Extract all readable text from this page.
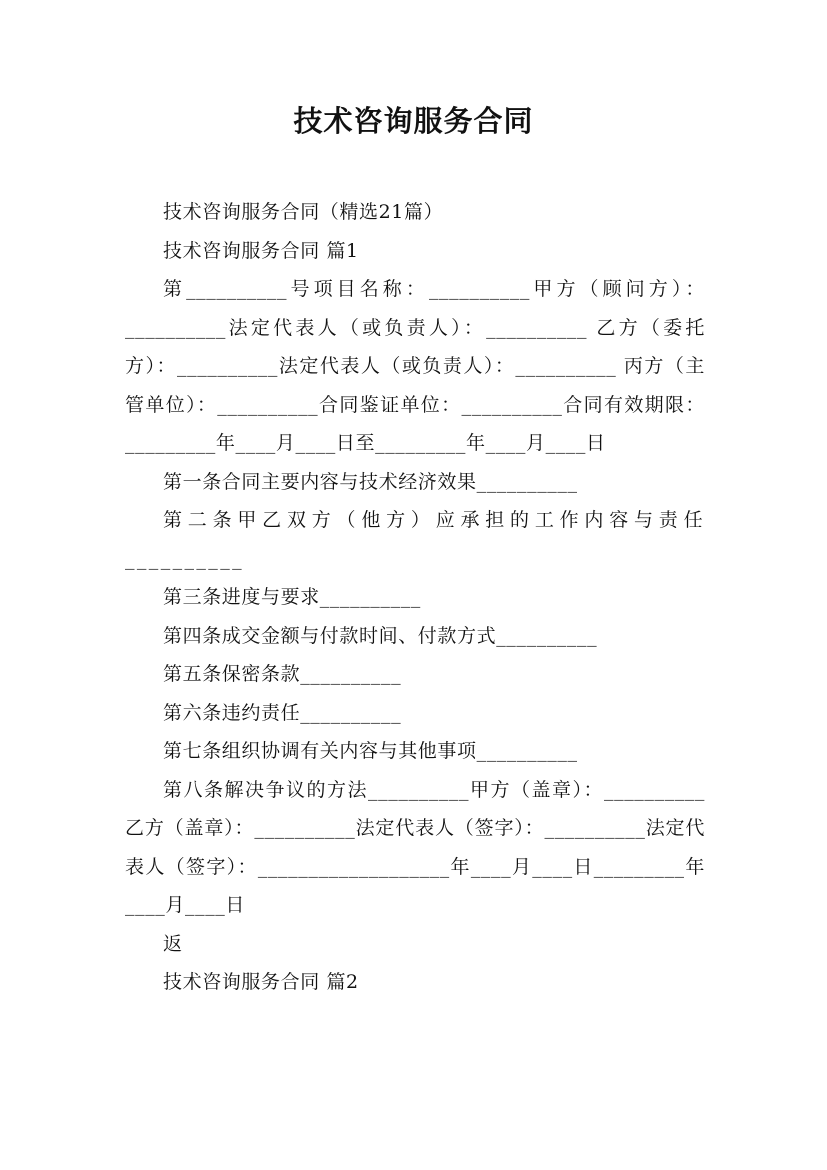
技术咨询服务合同

技术咨询服务合同（精选21篇）

技术咨询服务合同 篇1

第__________号项目名称：__________甲方（顾问方）：__________法定代表人（或负责人）：__________ 乙方（委托方）：__________法定代表人（或负责人）：__________ 丙方（主管单位）：__________合同鉴证单位：__________合同有效期限：_________年____月____日至_________年____月____日

第一条合同主要内容与技术经济效果__________

第二条甲乙双方（他方）应承担的工作内容与责任__________

第三条进度与要求__________

第四条成交金额与付款时间、付款方式__________

第五条保密条款__________

第六条违约责任__________

第七条组织协调有关内容与其他事项__________

第八条解决争议的方法__________甲方（盖章）：__________乙方（盖章）：__________法定代表人（签字）：__________法定代表人（签字）：___________________年____月____日_________年____月____日

返

技术咨询服务合同 篇2
